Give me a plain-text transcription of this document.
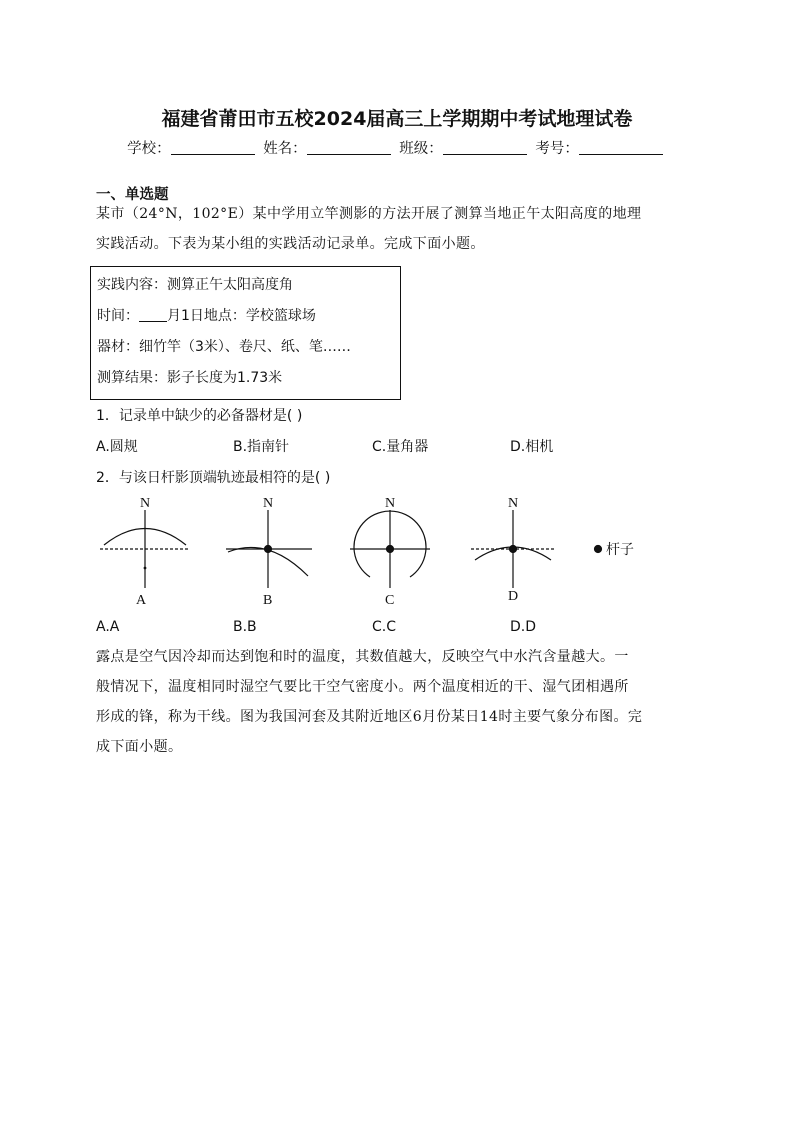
福建省莆田市五校2024届高三上学期期中考试地理试卷
学校：	姓名：	班级：	考号：
一、单选题
某市（24°N，102°E）某中学用立竿测影的方法开展了测算当地正午太阳高度的地理
实践活动。下表为某小组的实践活动记录单。完成下面小题。
实践内容：测算正午太阳高度角
时间： 月1日地点：学校篮球场
器材：细竹竿（3米）、卷尺、纸、笔……
测算结果：影子长度为1.73米
1．记录单中缺少的必备器材是( )
A.圆规	B.指南针	C.量角器	D.相机
2．与该日杆影顶端轨迹最相符的是( )
N	N	N	N
A	B	C	D
杆子
A.A	B.B	C.C	D.D
露点是空气因冷却而达到饱和时的温度，其数值越大，反映空气中水汽含量越大。一
般情况下，温度相同时湿空气要比干空气密度小。两个温度相近的干、湿气团相遇所
形成的锋，称为干线。图为我国河套及其附近地区6月份某日14时主要气象分布图。完
成下面小题。
